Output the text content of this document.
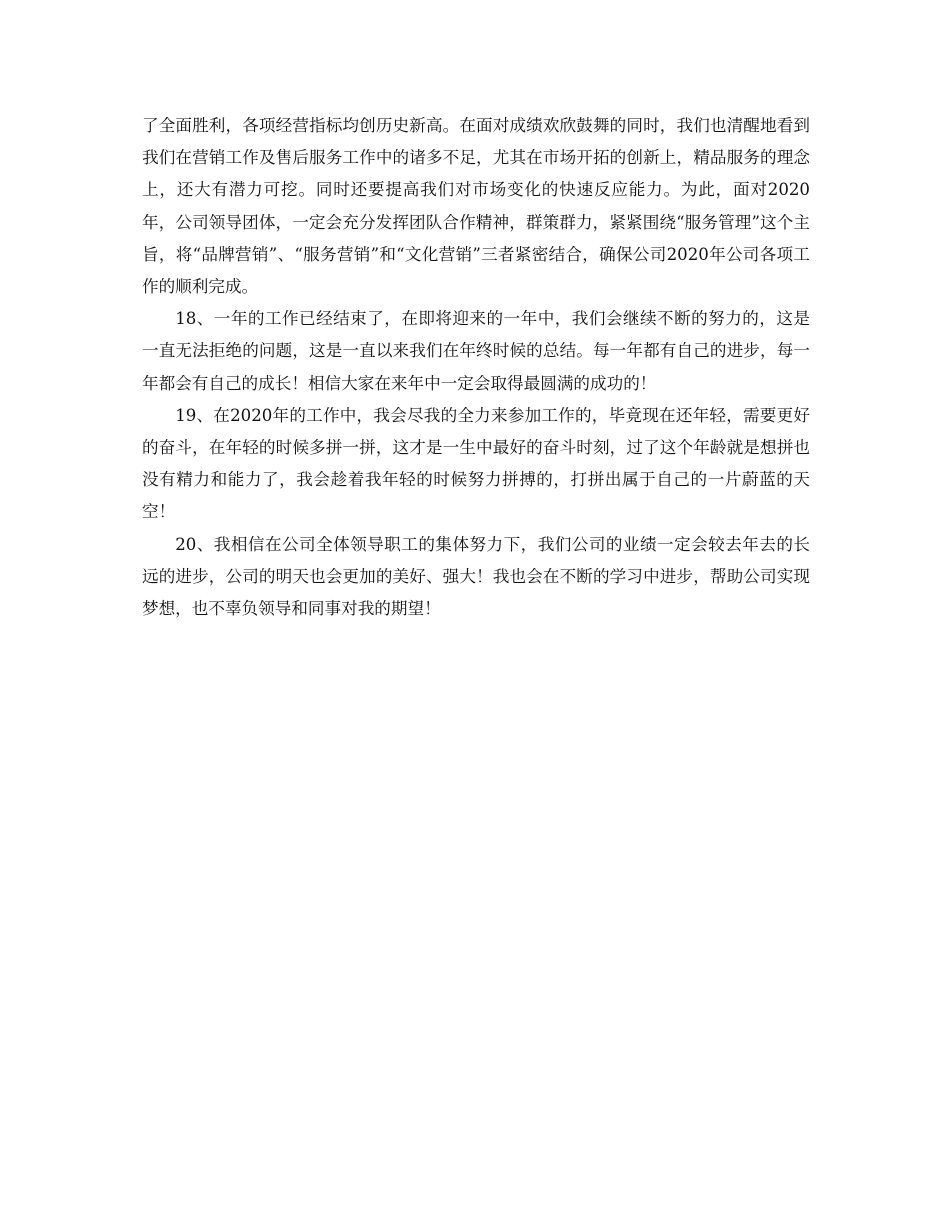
了全面胜利，各项经营指标均创历史新高。在面对成绩欢欣鼓舞的同时，我们也清醒地看到我们在营销工作及售后服务工作中的诸多不足，尤其在市场开拓的创新上，精品服务的理念上，还大有潜力可挖。同时还要提高我们对市场变化的快速反应能力。为此，面对2020年，公司领导团体，一定会充分发挥团队合作精神，群策群力，紧紧围绕“服务管理”这个主旨，将“品牌营销”、“服务营销”和“文化营销”三者紧密结合，确保公司2020年公司各项工作的顺利完成。

18、一年的工作已经结束了，在即将迎来的一年中，我们会继续不断的努力的，这是一直无法拒绝的问题，这是一直以来我们在年终时候的总结。每一年都有自己的进步，每一年都会有自己的成长！相信大家在来年中一定会取得最圆满的成功的！

19、在2020年的工作中，我会尽我的全力来参加工作的，毕竟现在还年轻，需要更好的奋斗，在年轻的时候多拼一拼，这才是一生中最好的奋斗时刻，过了这个年龄就是想拼也没有精力和能力了，我会趁着我年轻的时候努力拼搏的，打拼出属于自己的一片蔚蓝的天空！

20、我相信在公司全体领导职工的集体努力下，我们公司的业绩一定会较去年去的长远的进步，公司的明天也会更加的美好、强大！我也会在不断的学习中进步，帮助公司实现梦想，也不辜负领导和同事对我的期望！
